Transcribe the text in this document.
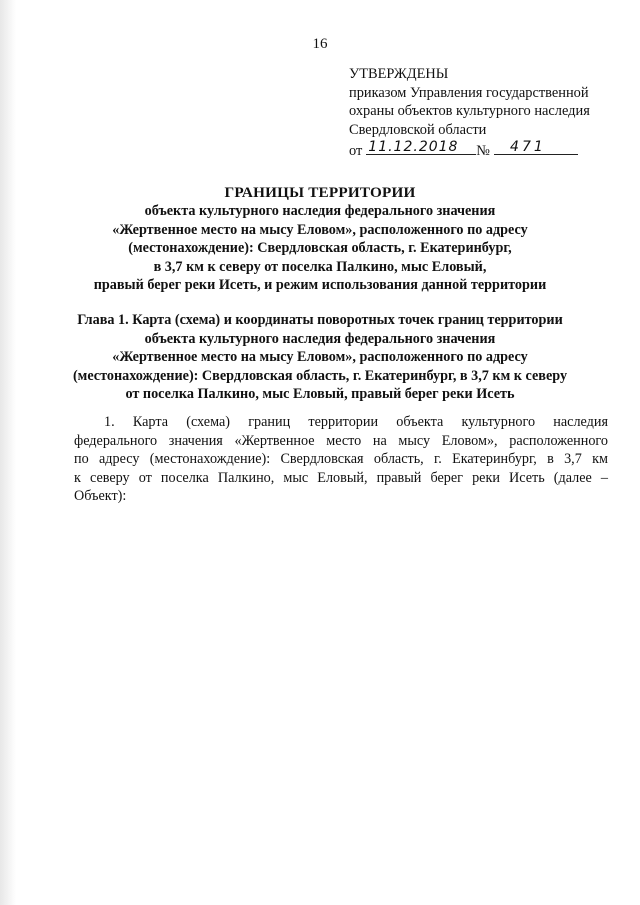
16
УТВЕРЖДЕНЫ
приказом Управления государственной
охраны объектов культурного наследия
Свердловской области
от 11.12.2018 № 471
ГРАНИЦЫ ТЕРРИТОРИИ
объекта культурного наследия федерального значения
«Жертвенное место на мысу Еловом», расположенного по адресу
(местонахождение): Свердловская область, г. Екатеринбург,
в 3,7 км к северу от поселка Палкино, мыс Еловый,
правый берег реки Исеть, и режим использования данной территории
Глава 1. Карта (схема) и координаты поворотных точек границ территории
объекта культурного наследия федерального значения
«Жертвенное место на мысу Еловом», расположенного по адресу
(местонахождение): Свердловская область, г. Екатеринбург, в 3,7 км к северу
от поселка Палкино, мыс Еловый, правый берег реки Исеть
1. Карта (схема) границ территории объекта культурного наследия
федерального значения «Жертвенное место на мысу Еловом», расположенного
по адресу (местонахождение): Свердловская область, г. Екатеринбург, в 3,7 км
к северу от поселка Палкино, мыс Еловый, правый берег реки Исеть (далее –
Объект):
